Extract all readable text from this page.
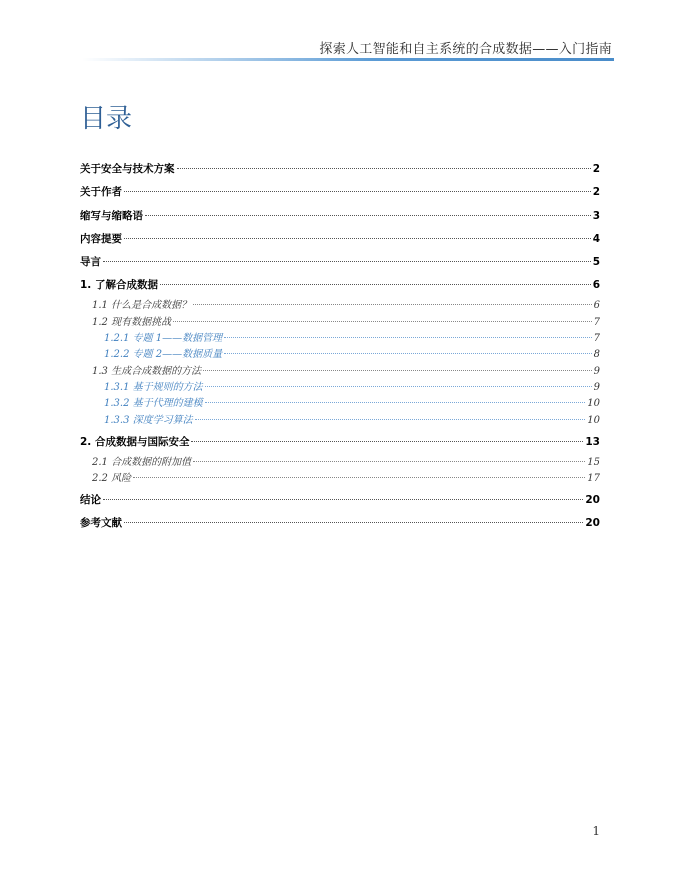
探索人工智能和自主系统的合成数据——入门指南
目录
关于安全与技术方案	2
关于作者	2
缩写与缩略语	3
内容提要	4
导言	5
1. 了解合成数据	6
1.1 什么是合成数据？	6
1.2 现有数据挑战	7
1.2.1 专题 1——数据管理	7
1.2.2 专题 2——数据质量	8
1.3 生成合成数据的方法	9
1.3.1 基于规则的方法	9
1.3.2 基于代理的建模	10
1.3.3 深度学习算法	10
2. 合成数据与国际安全	13
2.1 合成数据的附加值	15
2.2 风险	17
结论	20
参考文献	20
1
